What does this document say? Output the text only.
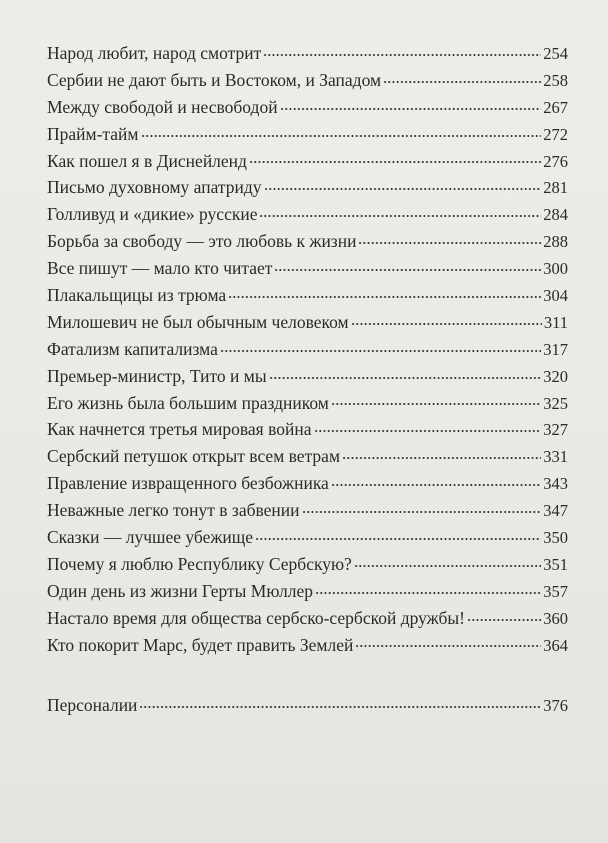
Народ любит, народ смотрит	254
Сербии не дают быть и Востоком, и Западом	258
Между свободой и несвободой	267
Прайм-тайм	272
Как пошел я в Диснейленд	276
Письмо духовному апатриду	281
Голливуд и «дикие» русские	284
Борьба за свободу — это любовь к жизни	288
Все пишут — мало кто читает	300
Плакальщицы из трюма	304
Милошевич не был обычным человеком	311
Фатализм капитализма	317
Премьер-министр, Тито и мы	320
Его жизнь была большим праздником	325
Как начнется третья мировая война	327
Сербский петушок открыт всем ветрам	331
Правление извращенного безбожника	343
Неважные легко тонут в забвении	347
Сказки — лучшее убежище	350
Почему я люблю Республику Сербскую?	351
Один день из жизни Герты Мюллер	357
Настало время для общества сербско-сербской дружбы!	360
Кто покорит Марс, будет править Землей	364
Персоналии	376
